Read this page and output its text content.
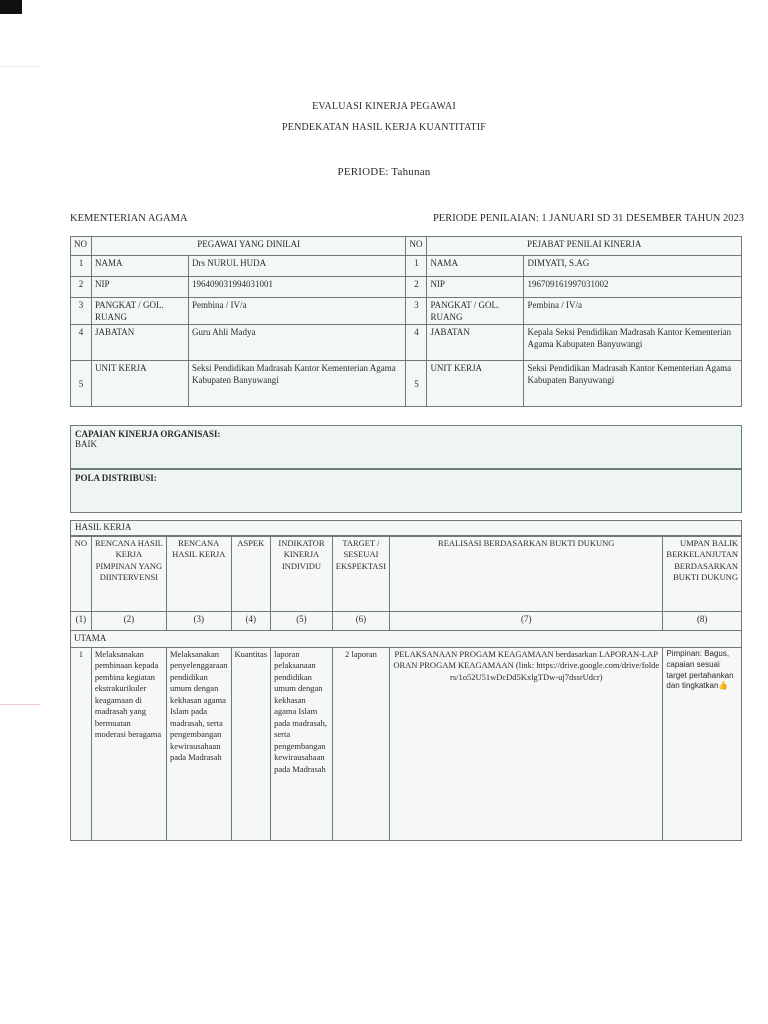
EVALUASI KINERJA PEGAWAI
PENDEKATAN HASIL KERJA KUANTITATIF
PERIODE: Tahunan
KEMENTERIAN AGAMA	PERIODE PENILAIAN: 1 JANUARI SD 31 DESEMBER TAHUN 2023
NO	PEGAWAI YANG DINILAI		NO	PEJABAT PENILAI KINERJA	
1	NAMA	Drs NURUL HUDA	1	NAMA	DIMYATI, S.AG
2	NIP	196409031994031001	2	NIP	196709161997031002
3	PANGKAT / GOL. RUANG	Pembina / IV/a	3	PANGKAT / GOL. RUANG	Pembina / IV/a
4	JABATAN	Guru Ahli Madya	4	JABATAN	Kepala Seksi Pendidikan Madrasah Kantor Kementerian Agama Kabupaten Banyuwangi
5	UNIT KERJA	Seksi Pendidikan Madrasah Kantor Kementerian Agama Kabupaten Banyuwangi	5	UNIT KERJA	Seksi Pendidikan Madrasah Kantor Kementerian Agama Kabupaten Banyuwangi
CAPAIAN KINERJA ORGANISASI:
BAIK
POLA DISTRIBUSI:
HASIL KERJA
NO	RENCANA HASIL KERJA PIMPINAN YANG DIINTERVENSI	RENCANA HASIL KERJA	ASPEK	INDIKATOR KINERJA INDIVIDU	TARGET / SESEUAI EKSPEKTASI	REALISASI BERDASARKAN BUKTI DUKUNG	UMPAN BALIK BERKELANJUTAN BERDASARKAN BUKTI DUKUNG
(1)	(2)	(3)	(4)	(5)	(6)	(7)	(8)
UTAMA							
1	Melaksanakan pembinaan kepada pembina kegiatan ekstrakurikuler keagamaan di madrasah yang bermuatan moderasi beragama	Melaksanakan penyelenggaraan pendidikan umum dengan kekhasan agama Islam pada madrasah, serta pengembangan kewirausahaan pada Madrasah	Kuantitas	laporan pelaksanaan pendidikan umum dengan kekhasan agama Islam pada madrasah, serta pengembangan kewirausahaan pada Madrasah	2 laporan	PELAKSANAAN PROGAM KEAGAMAAN berdasarkan LAPORAN-LAPORAN PROGAM KEAGAMAAN (link: https://drive.google.com/drive/folders/1o52U51wDcDd5KxlgTDw-uj7dssrUdcr)	Pimpinan: Bagus, capaian sesuai target pertahankan dan tingkatkan👍
